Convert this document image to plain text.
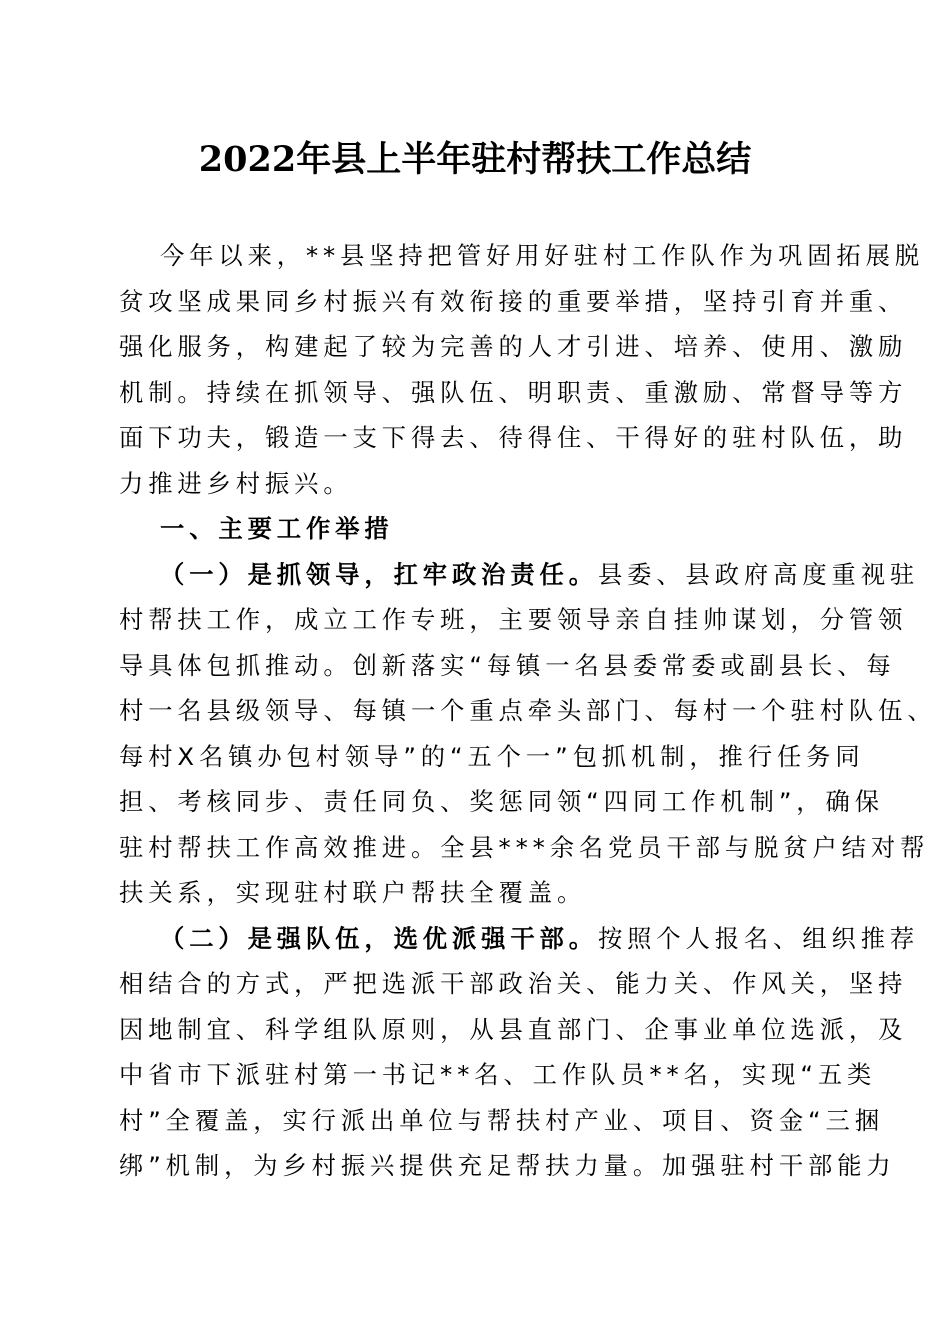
2022年县上半年驻村帮扶工作总结
今年以来，**县坚持把管好用好驻村工作队作为巩固拓展脱
贫攻坚成果同乡村振兴有效衔接的重要举措，坚持引育并重、
强化服务，构建起了较为完善的人才引进、培养、使用、激励
机制。持续在抓领导、强队伍、明职责、重激励、常督导等方
面下功夫，锻造一支下得去、待得住、干得好的驻村队伍，助
力推进乡村振兴。
一、主要工作举措
（一）是抓领导，扛牢政治责任。县委、县政府高度重视驻
村帮扶工作，成立工作专班，主要领导亲自挂帅谋划，分管领
导具体包抓推动。创新落实“每镇一名县委常委或副县长、每
村一名县级领导、每镇一个重点牵头部门、每村一个驻村队伍、
每村X名镇办包村领导”的“五个一”包抓机制，推行任务同
担、考核同步、责任同负、奖惩同领“四同工作机制”，确保
驻村帮扶工作高效推进。全县***余名党员干部与脱贫户结对帮
扶关系，实现驻村联户帮扶全覆盖。
（二）是强队伍，选优派强干部。按照个人报名、组织推荐
相结合的方式，严把选派干部政治关、能力关、作风关，坚持
因地制宜、科学组队原则，从县直部门、企事业单位选派，及
中省市下派驻村第一书记**名、工作队员**名，实现“五类
村”全覆盖，实行派出单位与帮扶村产业、项目、资金“三捆
绑”机制，为乡村振兴提供充足帮扶力量。加强驻村干部能力
